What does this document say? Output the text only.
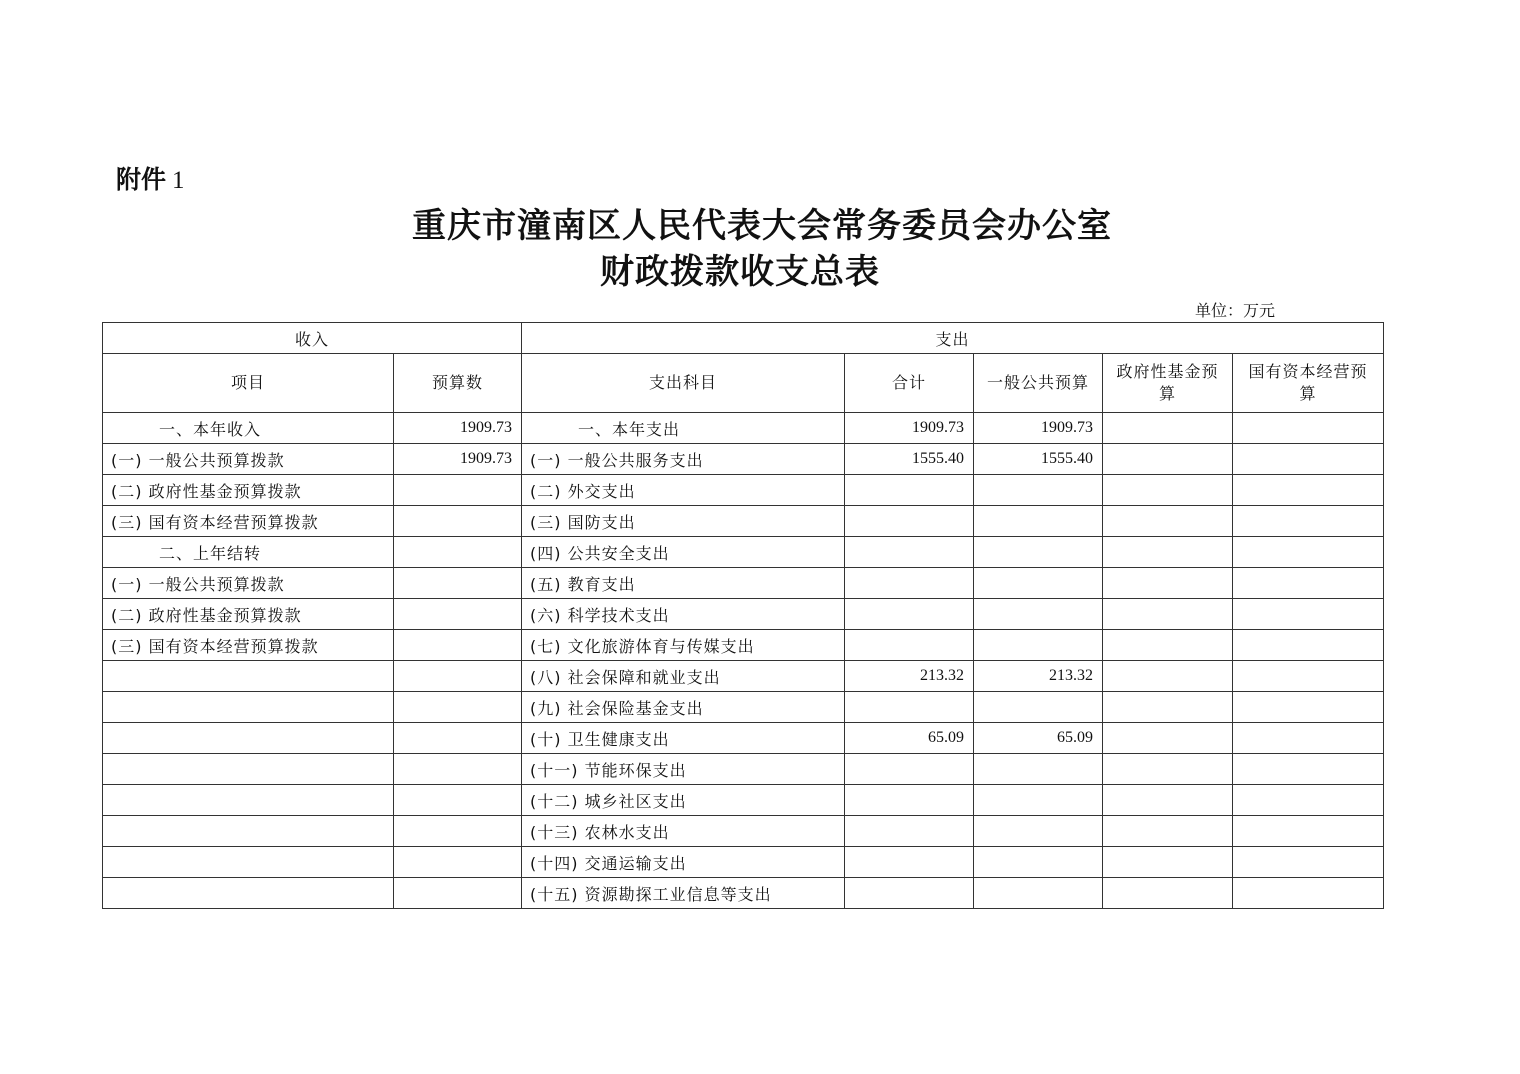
附件 1
重庆市潼南区人民代表大会常务委员会办公室
财政拨款收支总表
单位：万元
收入		支出				
项目	预算数	支出科目	合计	一般公共预算	政府性基金预算	国有资本经营预算
一、本年收入	1909.73	一、本年支出	1909.73	1909.73		
(一) 一般公共预算拨款	1909.73	(一) 一般公共服务支出	1555.40	1555.40		
(二) 政府性基金预算拨款		(二) 外交支出				
(三) 国有资本经营预算拨款		(三) 国防支出				
二、上年结转		(四) 公共安全支出				
(一) 一般公共预算拨款		(五) 教育支出				
(二) 政府性基金预算拨款		(六) 科学技术支出				
(三) 国有资本经营预算拨款		(七) 文化旅游体育与传媒支出				
		(八) 社会保障和就业支出	213.32	213.32		
		(九) 社会保险基金支出				
		(十) 卫生健康支出	65.09	65.09		
		(十一) 节能环保支出				
		(十二) 城乡社区支出				
		(十三) 农林水支出				
		(十四) 交通运输支出				
		(十五) 资源勘探工业信息等支出				
